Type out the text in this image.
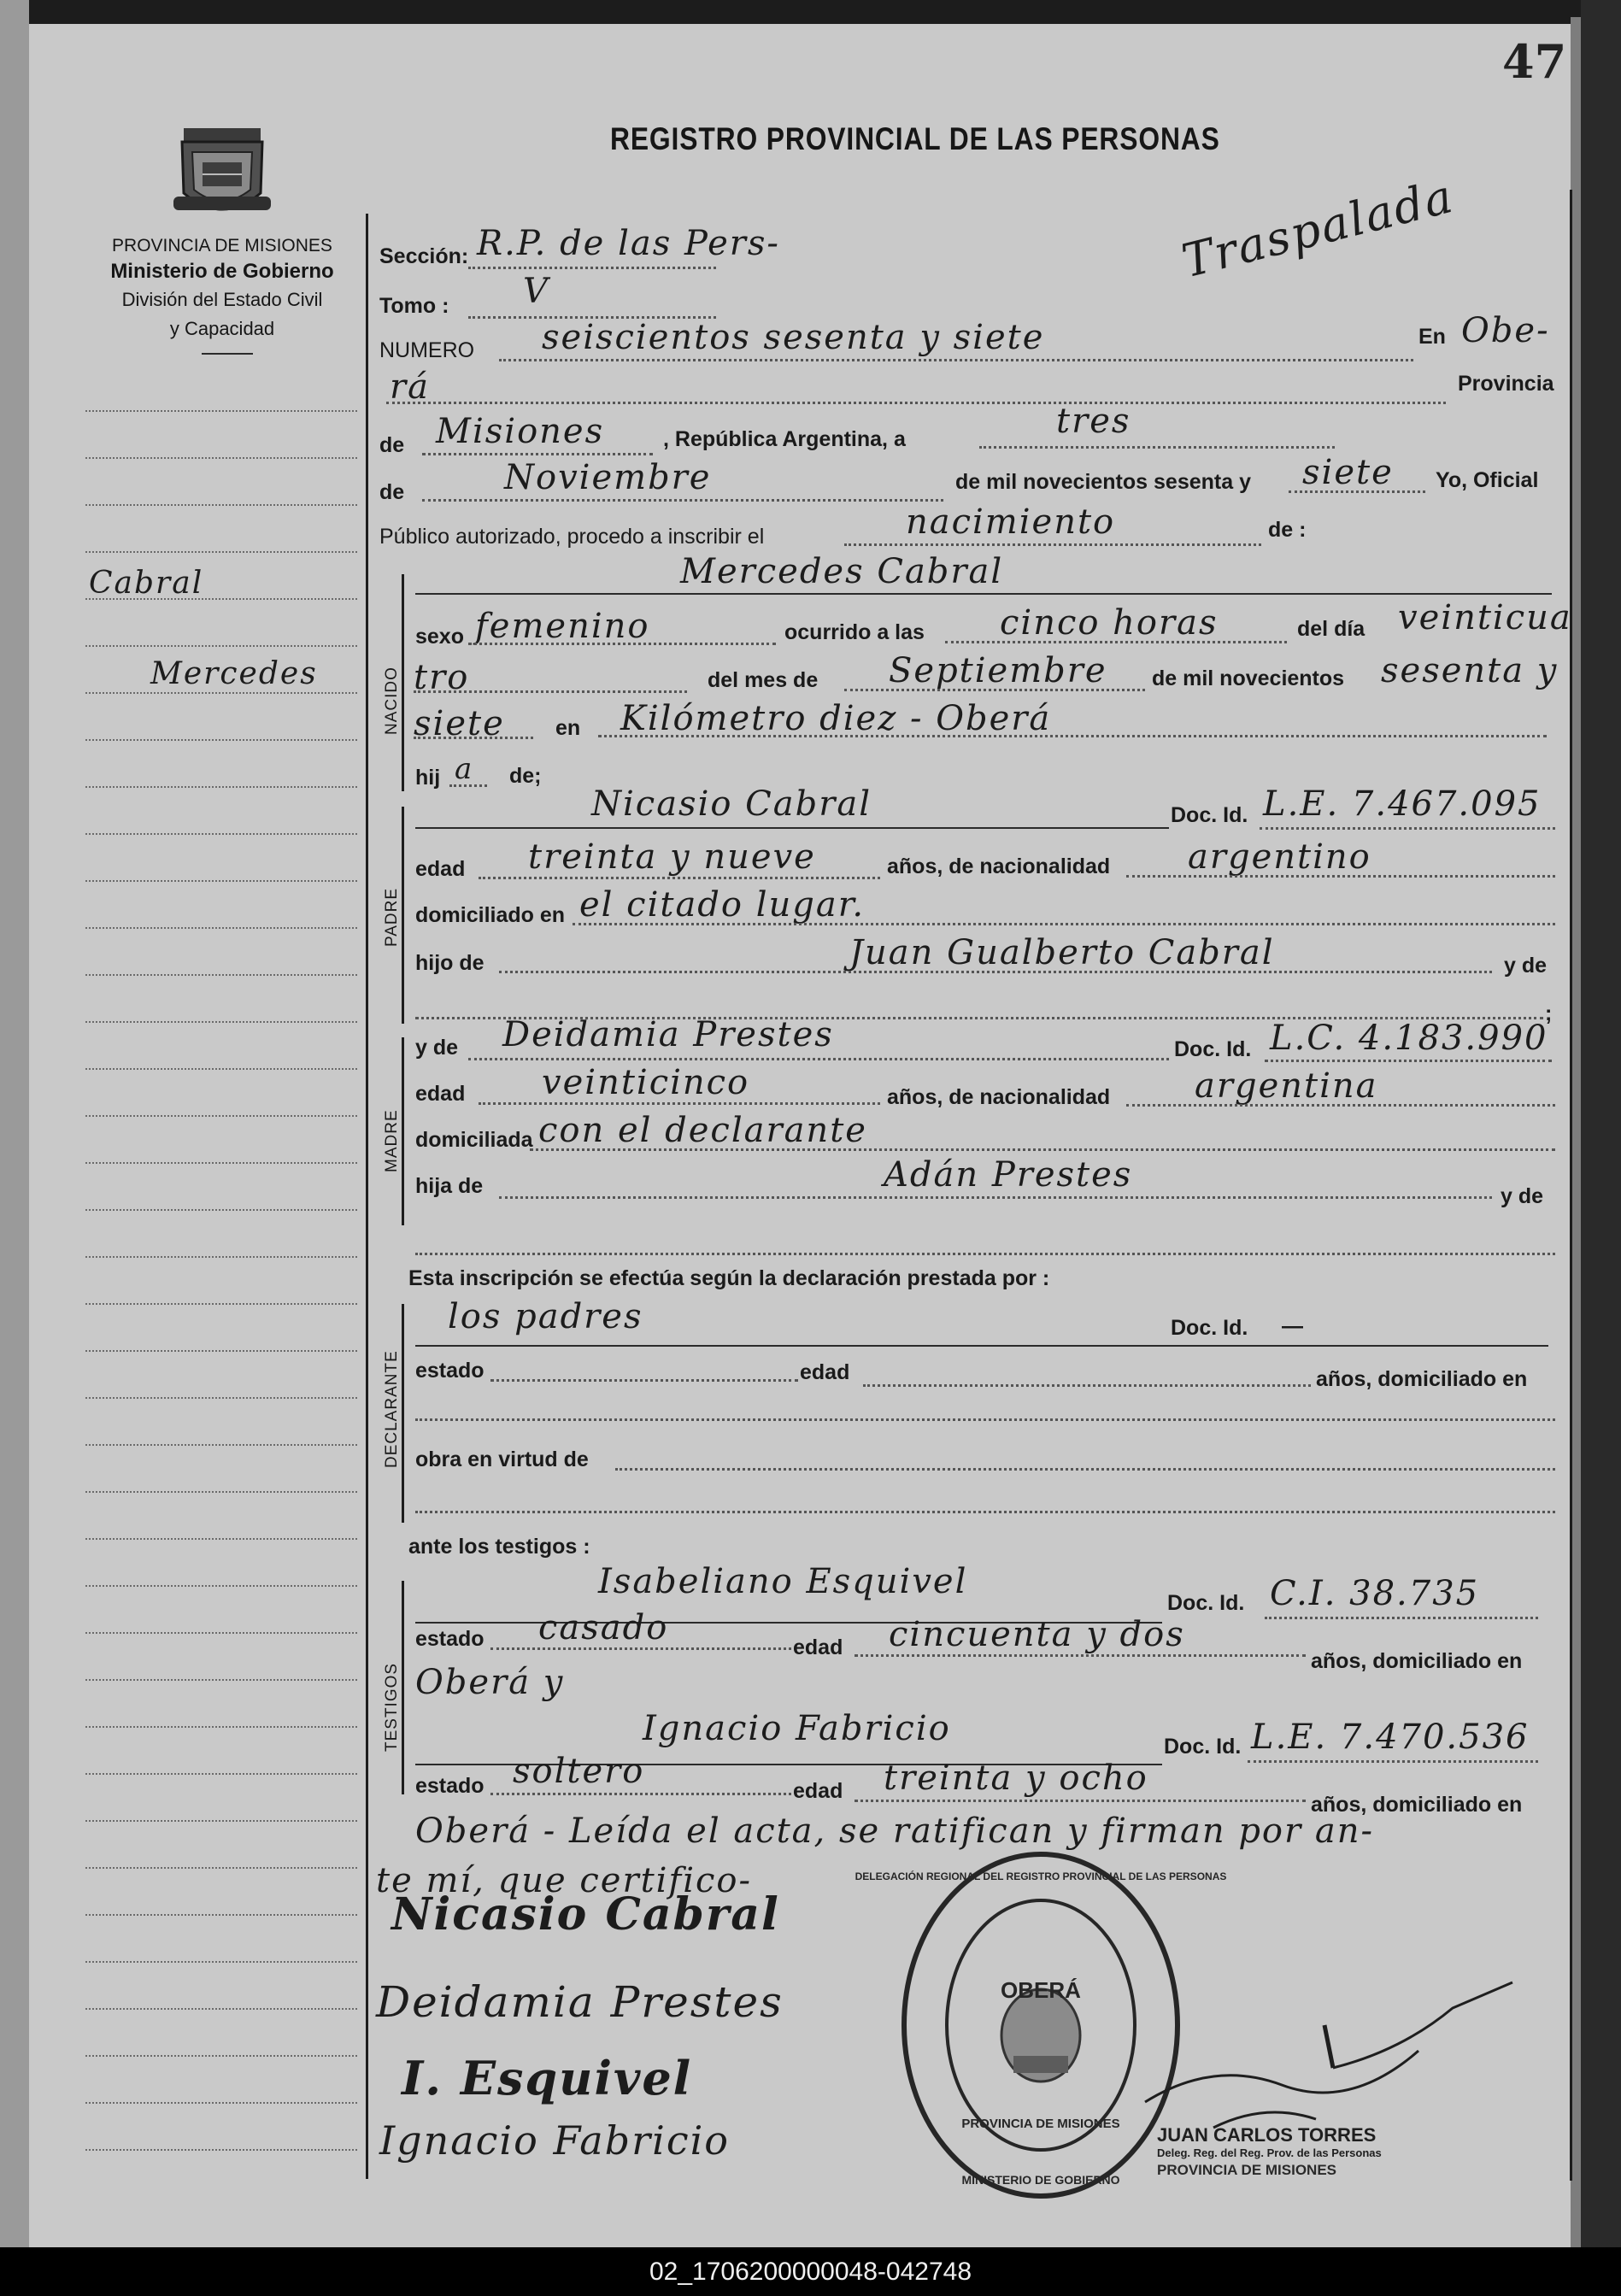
47
PROVINCIA DE MISIONES
Ministerio de Gobierno
División del Estado Civil
y Capacidad
REGISTRO PROVINCIAL DE LAS PERSONAS
Cabral
Mercedes
Sección: R.P. de las Pers-
Tomo : V
Traspalada
NUMERO seiscientos sesenta y siete	En Obe-
rá	Provincia
de Misiones	, República Argentina, a	tres
de	Noviembre	de mil novecientos sesenta y siete Yo, Oficial
Público autorizado, procedo a inscribir el	nacimiento	de :
NACIDO
Mercedes Cabral
sexo femenino	ocurrido a las cinco horas	del día veinticua
tro	del mes de Septiembre de mil novecientos sesenta y
siete en Kilómetro diez - Oberá
hij a de;
PADRE
Nicasio Cabral	Doc. Id. L.E. 7.467.095
edad treinta y nueve	años, de nacionalidad argentino
domiciliado en el citado lugar.
hijo de	Juan Gualberto Cabral	y de
;
MADRE
y de Deidamia Prestes	Doc. Id. L.C. 4.183.990
edad veinticinco	años, de nacionalidad argentina
domiciliada con el declarante
hija de	Adán Prestes
y de
Esta inscripción se efectúa según la declaración prestada por :
DECLARANTE
los padres	Doc. Id. —
estado	edad	años, domiciliado en
obra en virtud de
ante los testigos :
TESTIGOS
Isabeliano Esquivel
Doc. Id. C.I. 38.735
estado casado	edad cincuenta y dos
años, domiciliado en
Oberá y
Ignacio Fabricio	Doc. Id. L.E. 7.470.536
estado soltero	edad treinta y ocho
años, domiciliado en
Oberá - Leída el acta, se ratifican y firman por an-
te mí, que certifico-
Nicasio Cabral
Deidamia Prestes
I. Esquivel
Ignacio Fabricio
OBERÁ
PROVINCIA DE MISIONES
MINISTERIO DE GOBIERNO
DELEGACIÓN REGIONAL DEL REGISTRO PROVINCIAL DE LAS PERSONAS
JUAN CARLOS TORRES
Deleg. Reg. del Reg. Prov. de las Personas
PROVINCIA DE MISIONES
02_1706200000048-042748
